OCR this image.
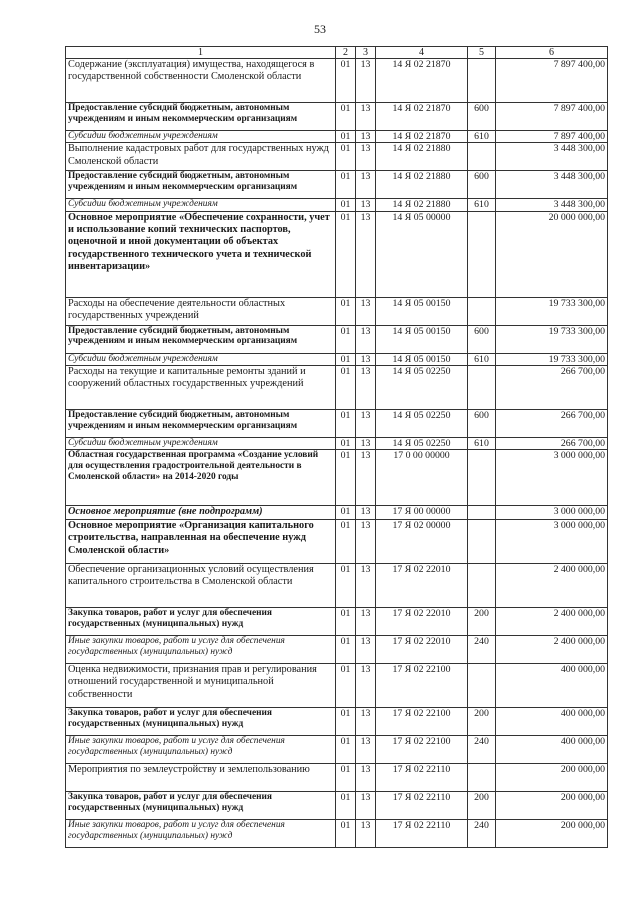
53
1	2	3	4	5	6
Содержание (эксплуатация) имущества, находящегося в государственной собственности Смоленской области	01	13	14 Я 02 21870		7 897 400,00
Предоставление субсидий бюджетным, автономным учреждениям и иным некоммерческим организациям	01	13	14 Я 02 21870	600	7 897 400,00
Субсидии бюджетным учреждениям	01	13	14 Я 02 21870	610	7 897 400,00
Выполнение кадастровых работ для государственных нужд Смоленской области	01	13	14 Я 02 21880		3 448 300,00
Предоставление субсидий бюджетным, автономным учреждениям и иным некоммерческим организациям	01	13	14 Я 02 21880	600	3 448 300,00
Субсидии бюджетным учреждениям	01	13	14 Я 02 21880	610	3 448 300,00
Основное мероприятие «Обеспечение сохранности, учет и использование копий технических паспортов, оценочной и иной документации об объектах государственного технического учета и технической инвентаризации»	01	13	14 Я 05 00000		20 000 000,00
Расходы на обеспечение деятельности областных государственных учреждений	01	13	14 Я 05 00150		19 733 300,00
Предоставление субсидий бюджетным, автономным учреждениям и иным некоммерческим организациям	01	13	14 Я 05 00150	600	19 733 300,00
Субсидии бюджетным учреждениям	01	13	14 Я 05 00150	610	19 733 300,00
Расходы на текущие и капитальные ремонты зданий и сооружений областных государственных учреждений	01	13	14 Я 05 02250		266 700,00
Предоставление субсидий бюджетным, автономным учреждениям и иным некоммерческим организациям	01	13	14 Я 05 02250	600	266 700,00
Субсидии бюджетным учреждениям	01	13	14 Я 05 02250	610	266 700,00
Областная государственная программа «Создание условий для осуществления градостроительной деятельности в Смоленской области» на 2014-2020 годы	01	13	17 0 00 00000		3 000 000,00
Основное мероприятие (вне подпрограмм)	01	13	17 Я 00 00000		3 000 000,00
Основное мероприятие «Организация капитального строительства, направленная на обеспечение нужд Смоленской области»	01	13	17 Я 02 00000		3 000 000,00
Обеспечение организационных условий осуществления капитального строительства в Смоленской области	01	13	17 Я 02 22010		2 400 000,00
Закупка товаров, работ и услуг для обеспечения государственных (муниципальных) нужд	01	13	17 Я 02 22010	200	2 400 000,00
Иные закупки товаров, работ и услуг для обеспечения государственных (муниципальных) нужд	01	13	17 Я 02 22010	240	2 400 000,00
Оценка недвижимости, признания прав и регулирования отношений государственной и муниципальной собственности	01	13	17 Я 02 22100		400 000,00
Закупка товаров, работ и услуг для обеспечения государственных (муниципальных) нужд	01	13	17 Я 02 22100	200	400 000,00
Иные закупки товаров, работ и услуг для обеспечения государственных (муниципальных) нужд	01	13	17 Я 02 22100	240	400 000,00
Мероприятия по землеустройству и землепользованию	01	13	17 Я 02 22110		200 000,00
Закупка товаров, работ и услуг для обеспечения государственных (муниципальных) нужд	01	13	17 Я 02 22110	200	200 000,00
Иные закупки товаров, работ и услуг для обеспечения государственных (муниципальных) нужд	01	13	17 Я 02 22110	240	200 000,00
